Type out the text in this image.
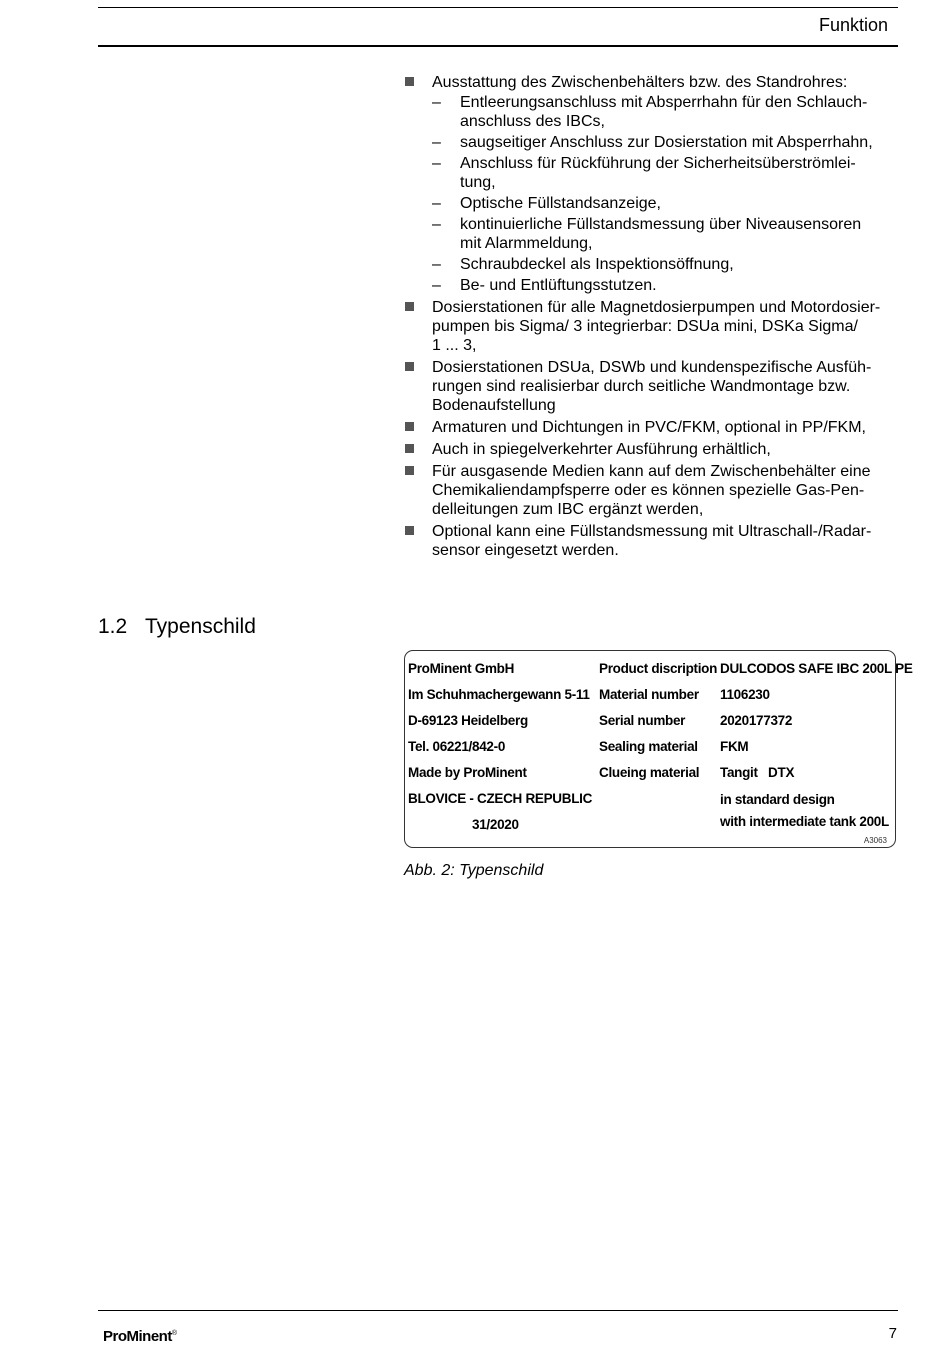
Funktion
Ausstattung des Zwischenbehälters bzw. des Standrohres:
– Entleerungsanschluss mit Absperrhahn für den Schlauch-
anschluss des IBCs,
– saugseitiger Anschluss zur Dosierstation mit Absperrhahn,
– Anschluss für Rückführung der Sicherheitsüberströmlei-
tung,
– Optische Füllstandsanzeige,
– kontinuierliche Füllstandsmessung über Niveausensoren
mit Alarmmeldung,
– Schraubdeckel als Inspektionsöffnung,
– Be- und Entlüftungsstutzen.
Dosierstationen für alle Magnetdosierpumpen und Motordosier-
pumpen bis Sigma/ 3 integrierbar: DSUa mini, DSKa Sigma/
1 ... 3,
Dosierstationen DSUa, DSWb und kundenspezifische Ausfüh-
rungen sind realisierbar durch seitliche Wandmontage bzw.
Bodenaufstellung
Armaturen und Dichtungen in PVC/FKM, optional in PP/FKM,
Auch in spiegelverkehrter Ausführung erhältlich,
Für ausgasende Medien kann auf dem Zwischenbehälter eine
Chemikaliendampfsperre oder es können spezielle Gas-Pen-
delleitungen zum IBC ergänzt werden,
Optional kann eine Füllstandsmessung mit Ultraschall-/Radar-
sensor eingesetzt werden.
1.2 Typenschild
ProMinent GmbH
Im Schuhmachergewann 5-11
D-69123 Heidelberg
Tel. 06221/842-0
Made by ProMinent
BLOVICE - CZECH REPUBLIC
31/2020
Product discription
Material number
Serial number
Sealing material
Clueing material
DULCODOS SAFE IBC 200L PE
1106230
2020177372
FKM
Tangit   DTX
in standard design
with intermediate tank 200L
A3063
Abb. 2: Typenschild
ProMinent®	7
